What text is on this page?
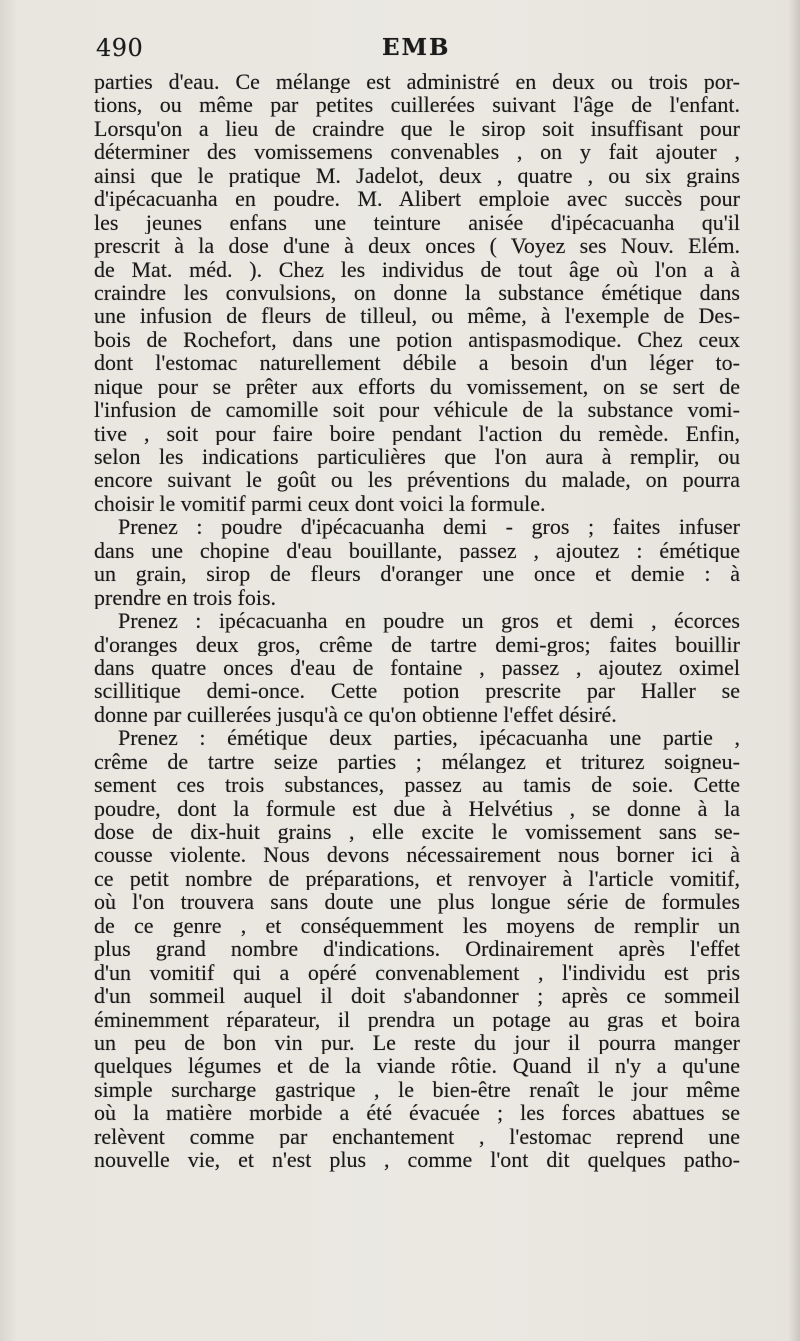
490	EMB
parties d'eau. Ce mélange est administré en deux ou trois por-
tions, ou même par petites cuillerées suivant l'âge de l'enfant.
Lorsqu'on a lieu de craindre que le sirop soit insuffisant pour
déterminer des vomissemens convenables , on y fait ajouter ,
ainsi que le pratique M. Jadelot, deux , quatre , ou six grains
d'ipécacuanha en poudre. M. Alibert emploie avec succès pour
les jeunes enfans une teinture anisée d'ipécacuanha qu'il
prescrit à la dose d'une à deux onces ( Voyez ses Nouv. Elém.
de Mat. méd. ). Chez les individus de tout âge où l'on a à
craindre les convulsions, on donne la substance émétique dans
une infusion de fleurs de tilleul, ou même, à l'exemple de Des-
bois de Rochefort, dans une potion antispasmodique. Chez ceux
dont l'estomac naturellement débile a besoin d'un léger to-
nique pour se prêter aux efforts du vomissement, on se sert de
l'infusion de camomille soit pour véhicule de la substance vomi-
tive , soit pour faire boire pendant l'action du remède. Enfin,
selon les indications particulières que l'on aura à remplir, ou
encore suivant le goût ou les préventions du malade, on pourra
choisir le vomitif parmi ceux dont voici la formule.
Prenez : poudre d'ipécacuanha demi - gros ; faites infuser
dans une chopine d'eau bouillante, passez , ajoutez : émétique
un grain, sirop de fleurs d'oranger une once et demie : à
prendre en trois fois.
Prenez : ipécacuanha en poudre un gros et demi , écorces
d'oranges deux gros, crême de tartre demi-gros; faites bouillir
dans quatre onces d'eau de fontaine , passez , ajoutez oximel
scillitique demi-once. Cette potion prescrite par Haller se
donne par cuillerées jusqu'à ce qu'on obtienne l'effet désiré.
Prenez : émétique deux parties, ipécacuanha une partie ,
crême de tartre seize parties ; mélangez et triturez soigneu-
sement ces trois substances, passez au tamis de soie. Cette
poudre, dont la formule est due à Helvétius , se donne à la
dose de dix-huit grains , elle excite le vomissement sans se-
cousse violente. Nous devons nécessairement nous borner ici à
ce petit nombre de préparations, et renvoyer à l'article vomitif,
où l'on trouvera sans doute une plus longue série de formules
de ce genre , et conséquemment les moyens de remplir un
plus grand nombre d'indications. Ordinairement après l'effet
d'un vomitif qui a opéré convenablement , l'individu est pris
d'un sommeil auquel il doit s'abandonner ; après ce sommeil
éminemment réparateur, il prendra un potage au gras et boira
un peu de bon vin pur. Le reste du jour il pourra manger
quelques légumes et de la viande rôtie. Quand il n'y a qu'une
simple surcharge gastrique , le bien-être renaît le jour même
où la matière morbide a été évacuée ; les forces abattues se
relèvent comme par enchantement , l'estomac reprend une
nouvelle vie, et n'est plus , comme l'ont dit quelques patho-
